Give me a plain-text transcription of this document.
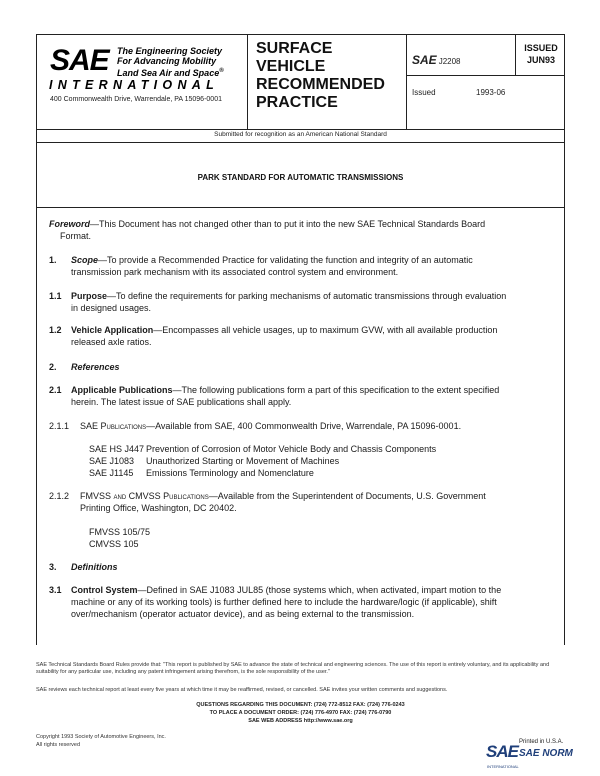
SAE The Engineering Society
For Advancing Mobility
Land Sea Air and Space®
INTERNATIONAL
400 Commonwealth Drive, Warrendale, PA 15096-0001
SURFACE
VEHICLE
RECOMMENDED
PRACTICE
SAE J2208
ISSUED
JUN93
Issued	1993-06
Submitted for recognition as an American National Standard
PARK STANDARD FOR AUTOMATIC TRANSMISSIONS
Foreword—This Document has not changed other than to put it into the new SAE Technical Standards Board
Format.
1. Scope—To provide a Recommended Practice for validating the function and integrity of an automatic
transmission park mechanism with its associated control system and environment.
1.1 Purpose—To define the requirements for parking mechanisms of automatic transmissions through evaluation
in designed usages.
1.2 Vehicle Application—Encompasses all vehicle usages, up to maximum GVW, with all available production
released axle ratios.
2. References
2.1 Applicable Publications—The following publications form a part of this specification to the extent specified
herein. The latest issue of SAE publications shall apply.
2.1.1 SAE Publications—Available from SAE, 400 Commonwealth Drive, Warrendale, PA 15096-0001.
SAE HS J447 Prevention of Corrosion of Motor Vehicle Body and Chassis Components
SAE J1083 Unauthorized Starting or Movement of Machines
SAE J1145 Emissions Terminology and Nomenclature
2.1.2 FMVSS and CMVSS Publications—Available from the Superintendent of Documents, U.S. Government
Printing Office, Washington, DC 20402.
FMVSS 105/75
CMVSS 105
3. Definitions
3.1 Control System—Defined in SAE J1083 JUL85 (those systems which, when activated, impart motion to the
machine or any of its working tools) is further defined here to include the hardware/logic (if applicable), shift
over/mechanism (operator actuator device), and as being external to the transmission.
SAE Technical Standards Board Rules provide that: "This report is published by SAE to advance the state of technical and engineering sciences. The use of this report is entirely voluntary, and its applicability and suitability for any particular use, including any patent infringement arising therefrom, is the sole responsibility of the user."
SAE reviews each technical report at least every five years at which time it may be reaffirmed, revised, or cancelled. SAE invites your written comments and suggestions.
QUESTIONS REGARDING THIS DOCUMENT: (724) 772-8512 FAX: (724) 776-0243
TO PLACE A DOCUMENT ORDER: (724) 776-4970 FAX: (724) 776-0790
SAE WEB ADDRESS http://www.sae.org
Copyright 1993 Society of Automotive Engineers, Inc.
All rights reserved	Printed in U.S.A.
SAE SAE NORM
INTERNATIONAL
